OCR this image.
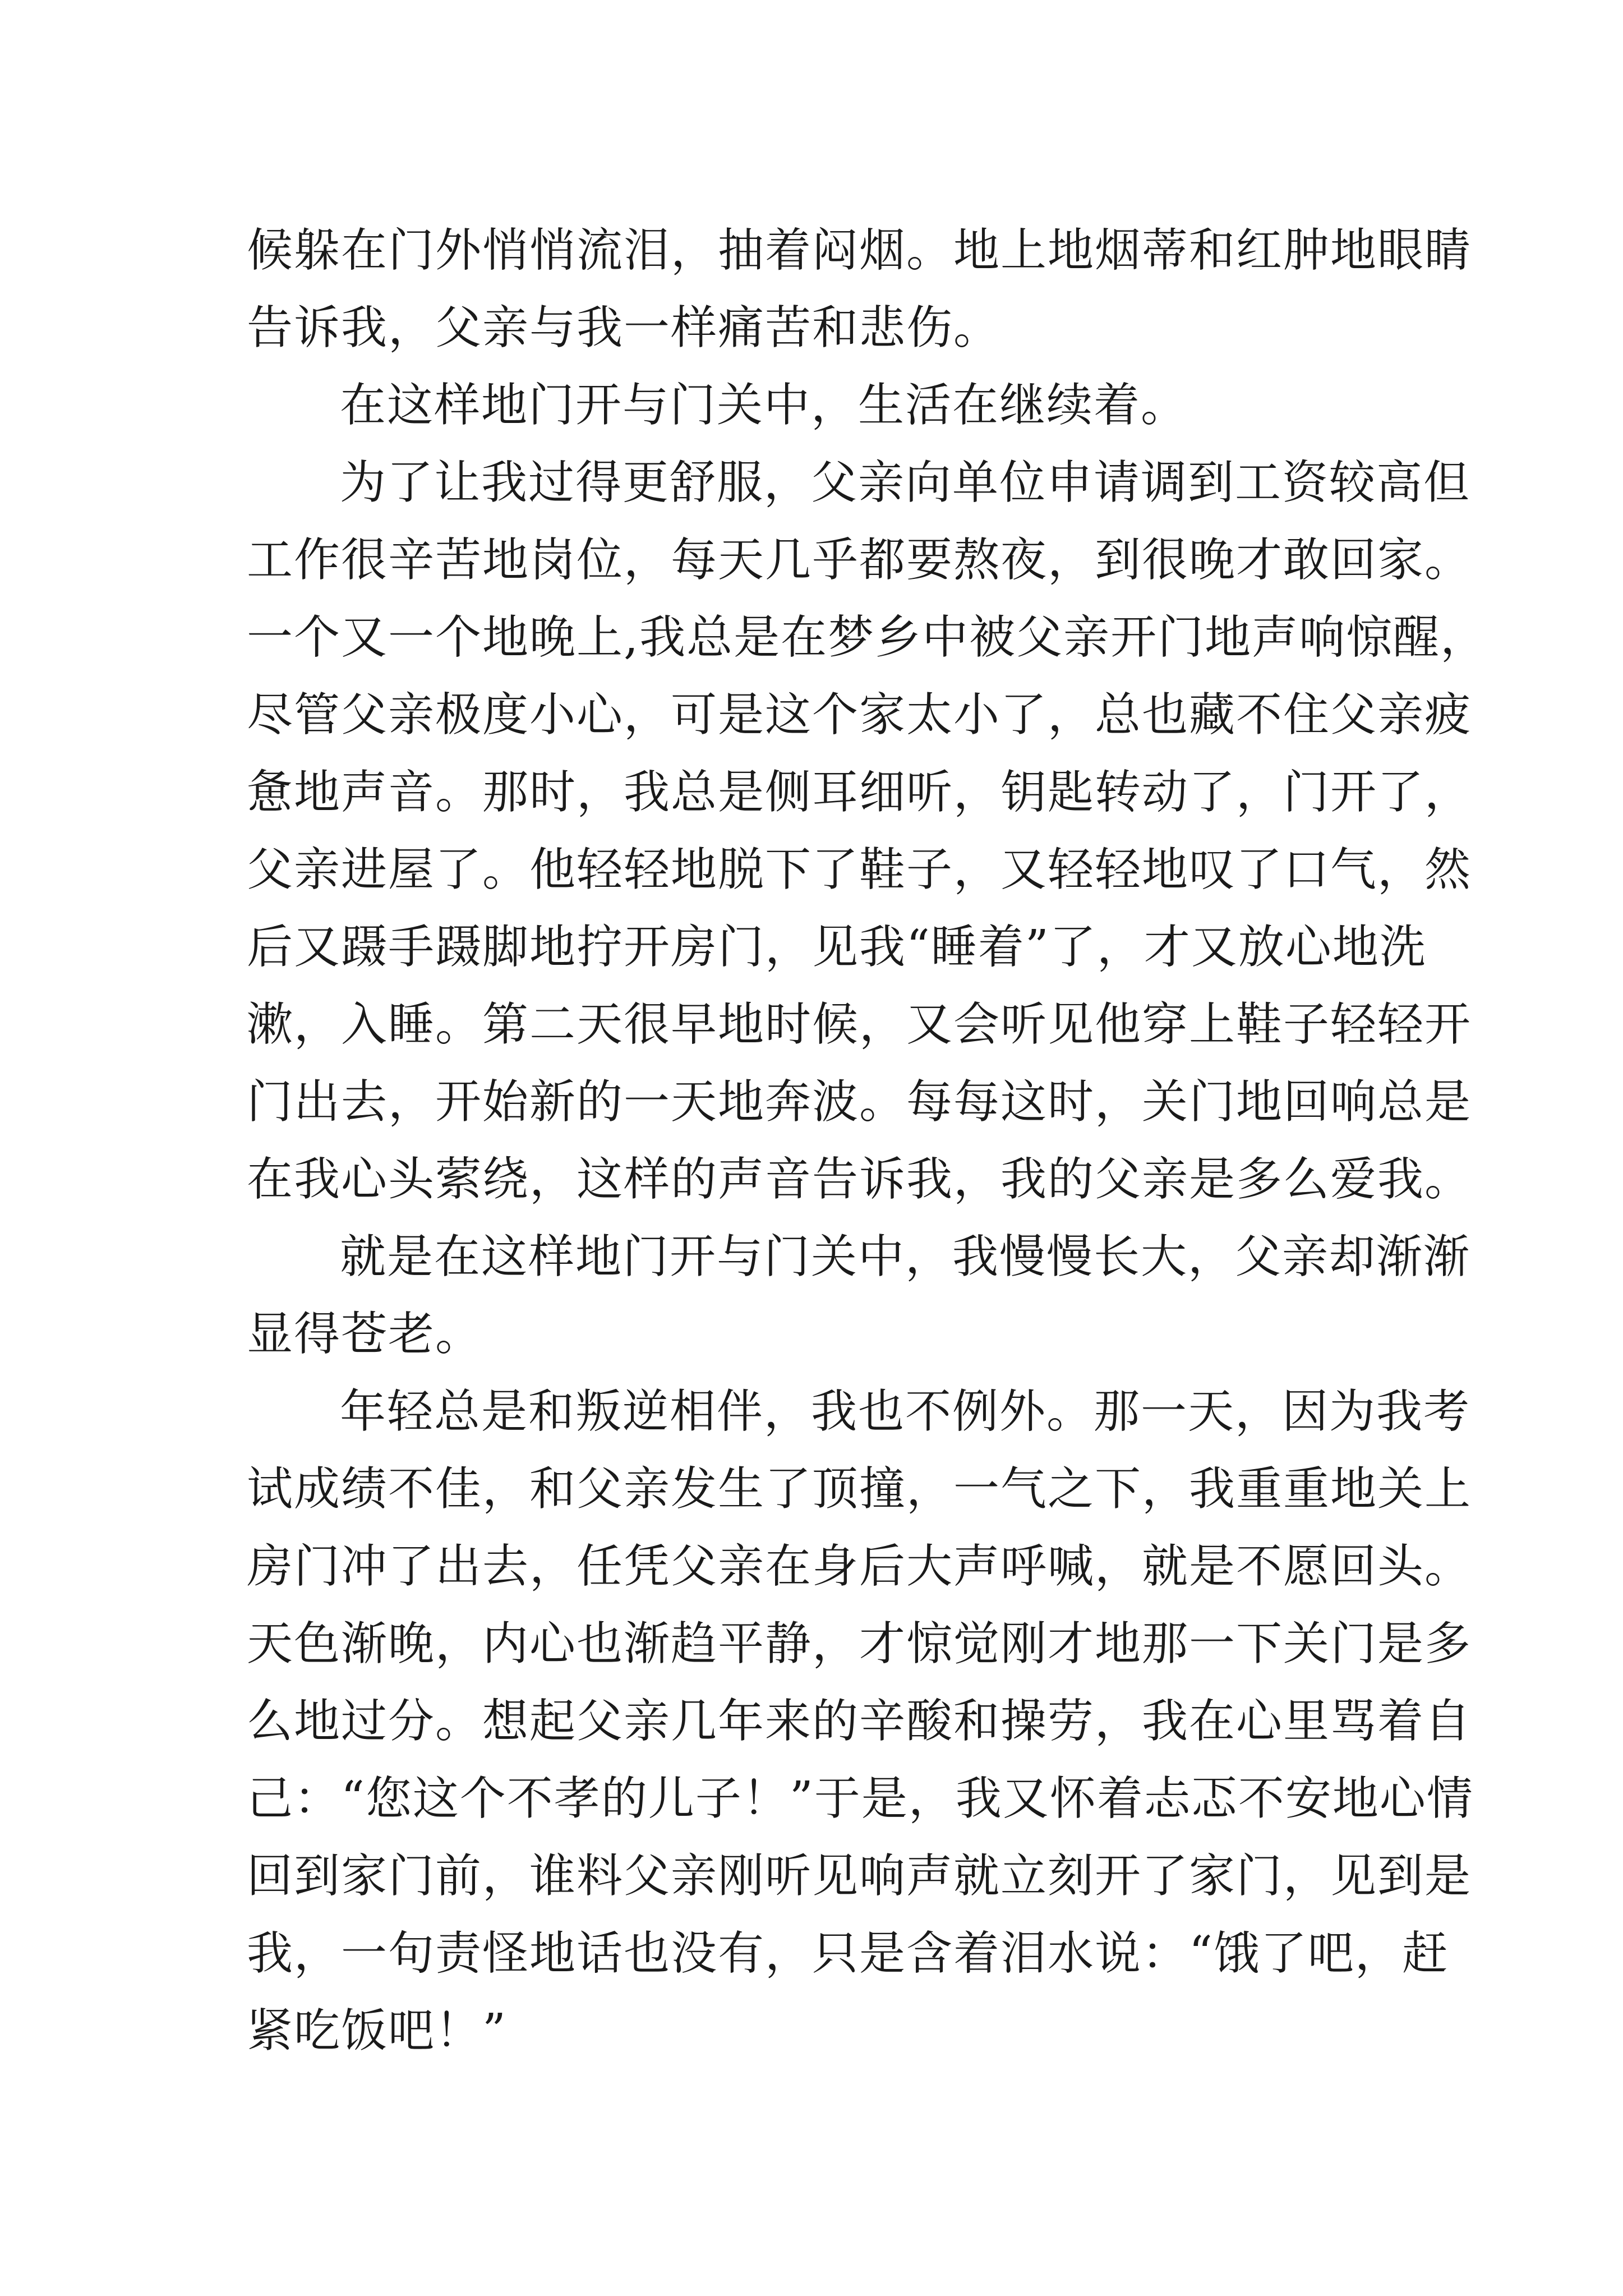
候躲在门外悄悄流泪，抽着闷烟。地上地烟蒂和红肿地眼睛
告诉我，父亲与我一样痛苦和悲伤。
在这样地门开与门关中，生活在继续着。
为了让我过得更舒服，父亲向单位申请调到工资较高但
工作很辛苦地岗位，每天几乎都要熬夜，到很晚才敢回家。
一个又一个地晚上,我总是在梦乡中被父亲开门地声响惊醒，
尽管父亲极度小心，可是这个家太小了，总也藏不住父亲疲
惫地声音。那时，我总是侧耳细听，钥匙转动了，门开了，
父亲进屋了。他轻轻地脱下了鞋子，又轻轻地叹了口气，然
后又蹑手蹑脚地拧开房门，见我“睡着”了，才又放心地洗
漱，入睡。第二天很早地时候，又会听见他穿上鞋子轻轻开
门出去，开始新的一天地奔波。每每这时，关门地回响总是
在我心头萦绕，这样的声音告诉我，我的父亲是多么爱我。
就是在这样地门开与门关中，我慢慢长大，父亲却渐渐
显得苍老。
年轻总是和叛逆相伴，我也不例外。那一天，因为我考
试成绩不佳，和父亲发生了顶撞，一气之下，我重重地关上
房门冲了出去，任凭父亲在身后大声呼喊，就是不愿回头。
天色渐晚，内心也渐趋平静，才惊觉刚才地那一下关门是多
么地过分。想起父亲几年来的辛酸和操劳，我在心里骂着自
己：“您这个不孝的儿子！”于是，我又怀着忐忑不安地心情
回到家门前，谁料父亲刚听见响声就立刻开了家门，见到是
我，一句责怪地话也没有，只是含着泪水说：“饿了吧，赶
紧吃饭吧！”
